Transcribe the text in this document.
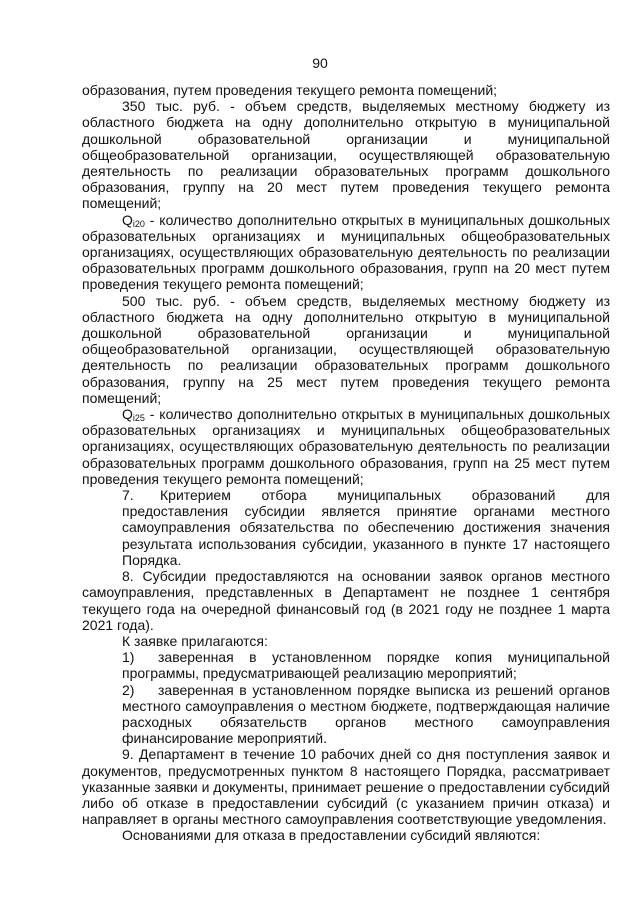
90

образования, путем проведения текущего ремонта помещений;

350 тыс. руб. - объем средств, выделяемых местному бюджету из областного бюджета на одну дополнительно открытую в муниципальной дошкольной образовательной организации и муниципальной общеобразовательной организации, осуществляющей образовательную деятельность по реализации образовательных программ дошкольного образования, группу на 20 мест путем проведения текущего ремонта помещений;

$Q_{i20}$ - количество дополнительно открытых в муниципальных дошкольных образовательных организациях и муниципальных общеобразовательных организациях, осуществляющих образовательную деятельность по реализации образовательных программ дошкольного образования, групп на 20 мест путем проведения текущего ремонта помещений;

500 тыс. руб. - объем средств, выделяемых местному бюджету из областного бюджета на одну дополнительно открытую в муниципальной дошкольной образовательной организации и муниципальной общеобразовательной организации, осуществляющей образовательную деятельность по реализации образовательных программ дошкольного образования, группу на 25 мест путем проведения текущего ремонта помещений;

$Q_{i25}$ - количество дополнительно открытых в муниципальных дошкольных образовательных организациях и муниципальных общеобразовательных организациях, осуществляющих образовательную деятельность по реализации образовательных программ дошкольного образования, групп на 25 мест путем проведения текущего ремонта помещений;

7.	Критерием отбора муниципальных образований для предоставления субсидии является принятие органами местного самоуправления обязательства по обеспечению достижения значения результата использования субсидии, указанного в пункте 17 настоящего Порядка.

8. Субсидии предоставляются на основании заявок органов местного самоуправления, представленных в Департамент не позднее 1 сентября текущего года на очередной финансовый год (в 2021 году не позднее 1 марта 2021 года).

К заявке прилагаются:

1)	заверенная в установленном порядке копия муниципальной программы, предусматривающей реализацию мероприятий;
2)	заверенная в установленном порядке выписка из решений органов местного самоуправления о местном бюджете, подтверждающая наличие расходных обязательств органов местного самоуправления финансирование мероприятий.

9. Департамент в течение 10 рабочих дней со дня поступления заявок и документов, предусмотренных пунктом 8 настоящего Порядка, рассматривает указанные заявки и документы, принимает решение о предоставлении субсидий либо об отказе в предоставлении субсидий (с указанием причин отказа) и направляет в органы местного самоуправления соответствующие уведомления.

Основаниями для отказа в предоставлении субсидий являются:
